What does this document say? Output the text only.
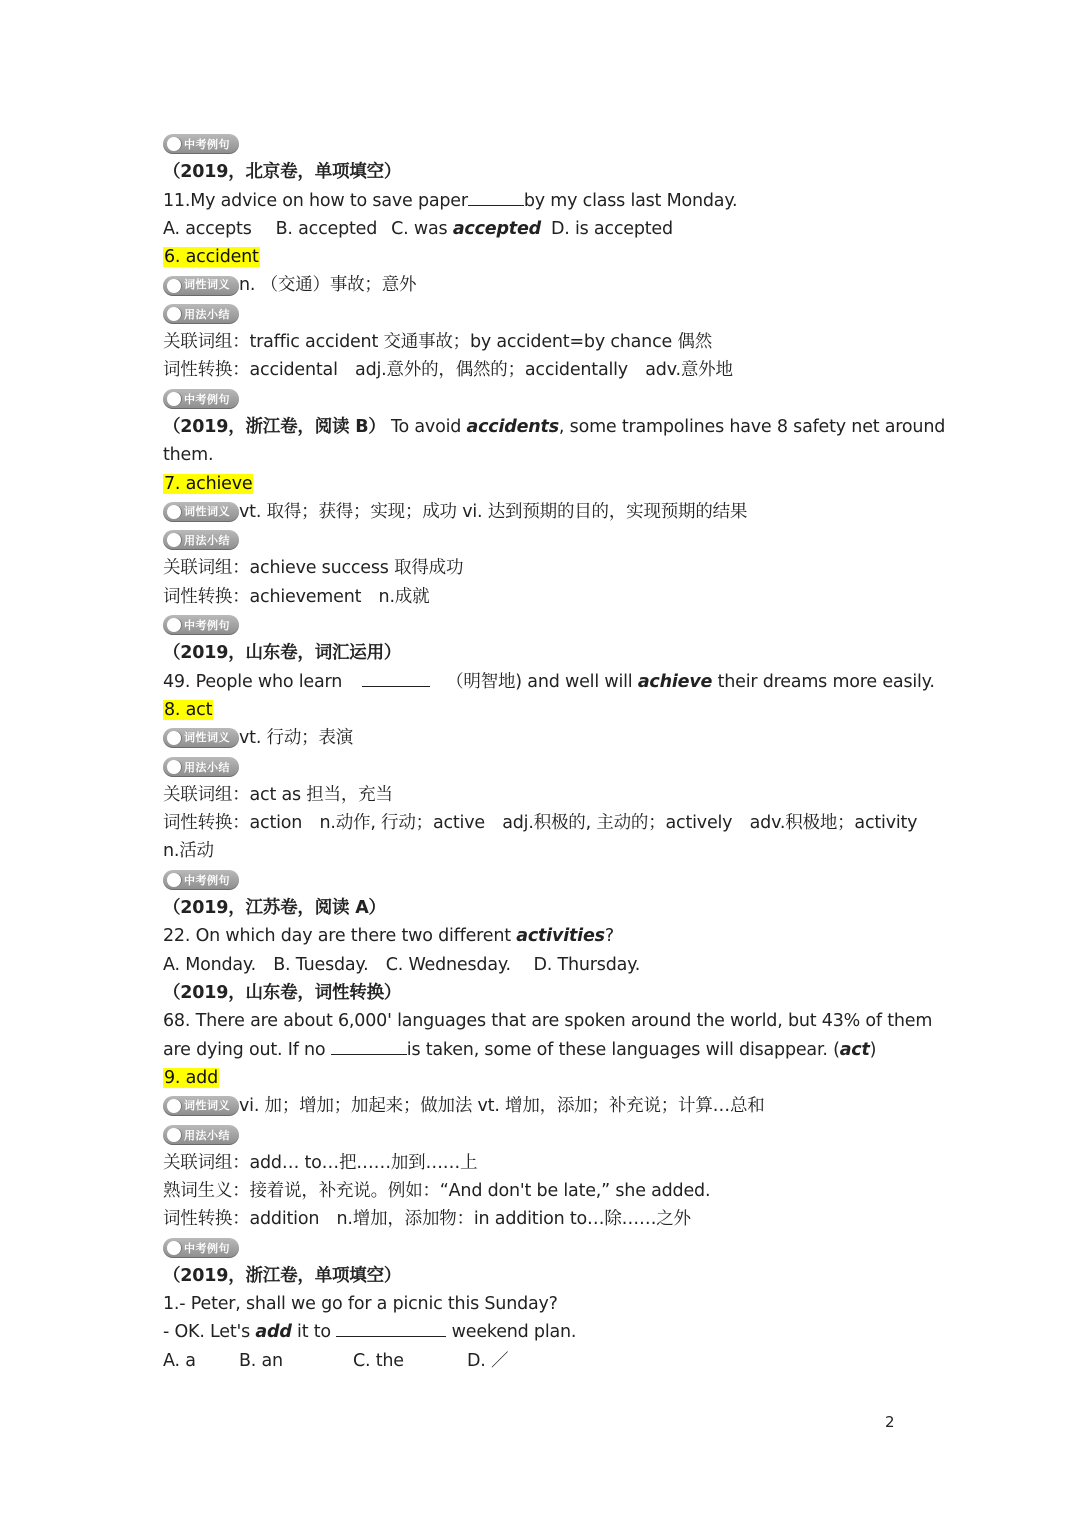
中考例句
（2019，北京卷，单项填空）
11.My advice on how to save paper	by my class last Monday.
A. accepts B. accepted C. was accepted D. is accepted
6. accident
词性词义 n. （交通）事故；意外
用法小结
关联词组：traffic accident 交通事故；by accident=by chance 偶然
词性转换：accidental　adj.意外的，偶然的；accidentally　adv.意外地
中考例句
（2019，浙江卷，阅读 B） To avoid accidents, some trampolines have 8 safety net around
them.
7. achieve
词性词义 vt. 取得；获得；实现；成功 vi. 达到预期的目的，实现预期的结果
用法小结
关联词组：achieve success 取得成功
词性转换：achievement　n.成就
中考例句
（2019，山东卷，词汇运用）
49. People who learn	（明智地) and well will achieve their dreams more easily.
8. act
词性词义 vt. 行动；表演
用法小结
关联词组：act as 担当，充当
词性转换：action　n.动作, 行动；active　adj.积极的, 主动的；actively　adv.积极地；activity
n.活动
中考例句
（2019，江苏卷，阅读 A）
22. On which day are there two different activities?
A. Monday.　B. Tuesday.　C. Wednesday.　 D. Thursday.
（2019，山东卷，词性转换）
68. There are about 6,000' languages that are spoken around the world, but 43% of them
are dying out. If no	is taken, some of these languages will disappear. (act)
9. add
词性词义 vi. 加；增加；加起来；做加法 vt. 增加，添加；补充说；计算…总和
用法小结
关联词组：add… to…把……加到……上
熟词生义：接着说，补充说。例如：“And don't be late,” she added.
词性转换：addition　n.增加，添加物：in addition to…除……之外
中考例句
（2019，浙江卷，单项填空）
1.- Peter, shall we go for a picnic this Sunday?
- OK. Let's add it to	weekend plan.
A. a B. an	C. the	D. ／
2
